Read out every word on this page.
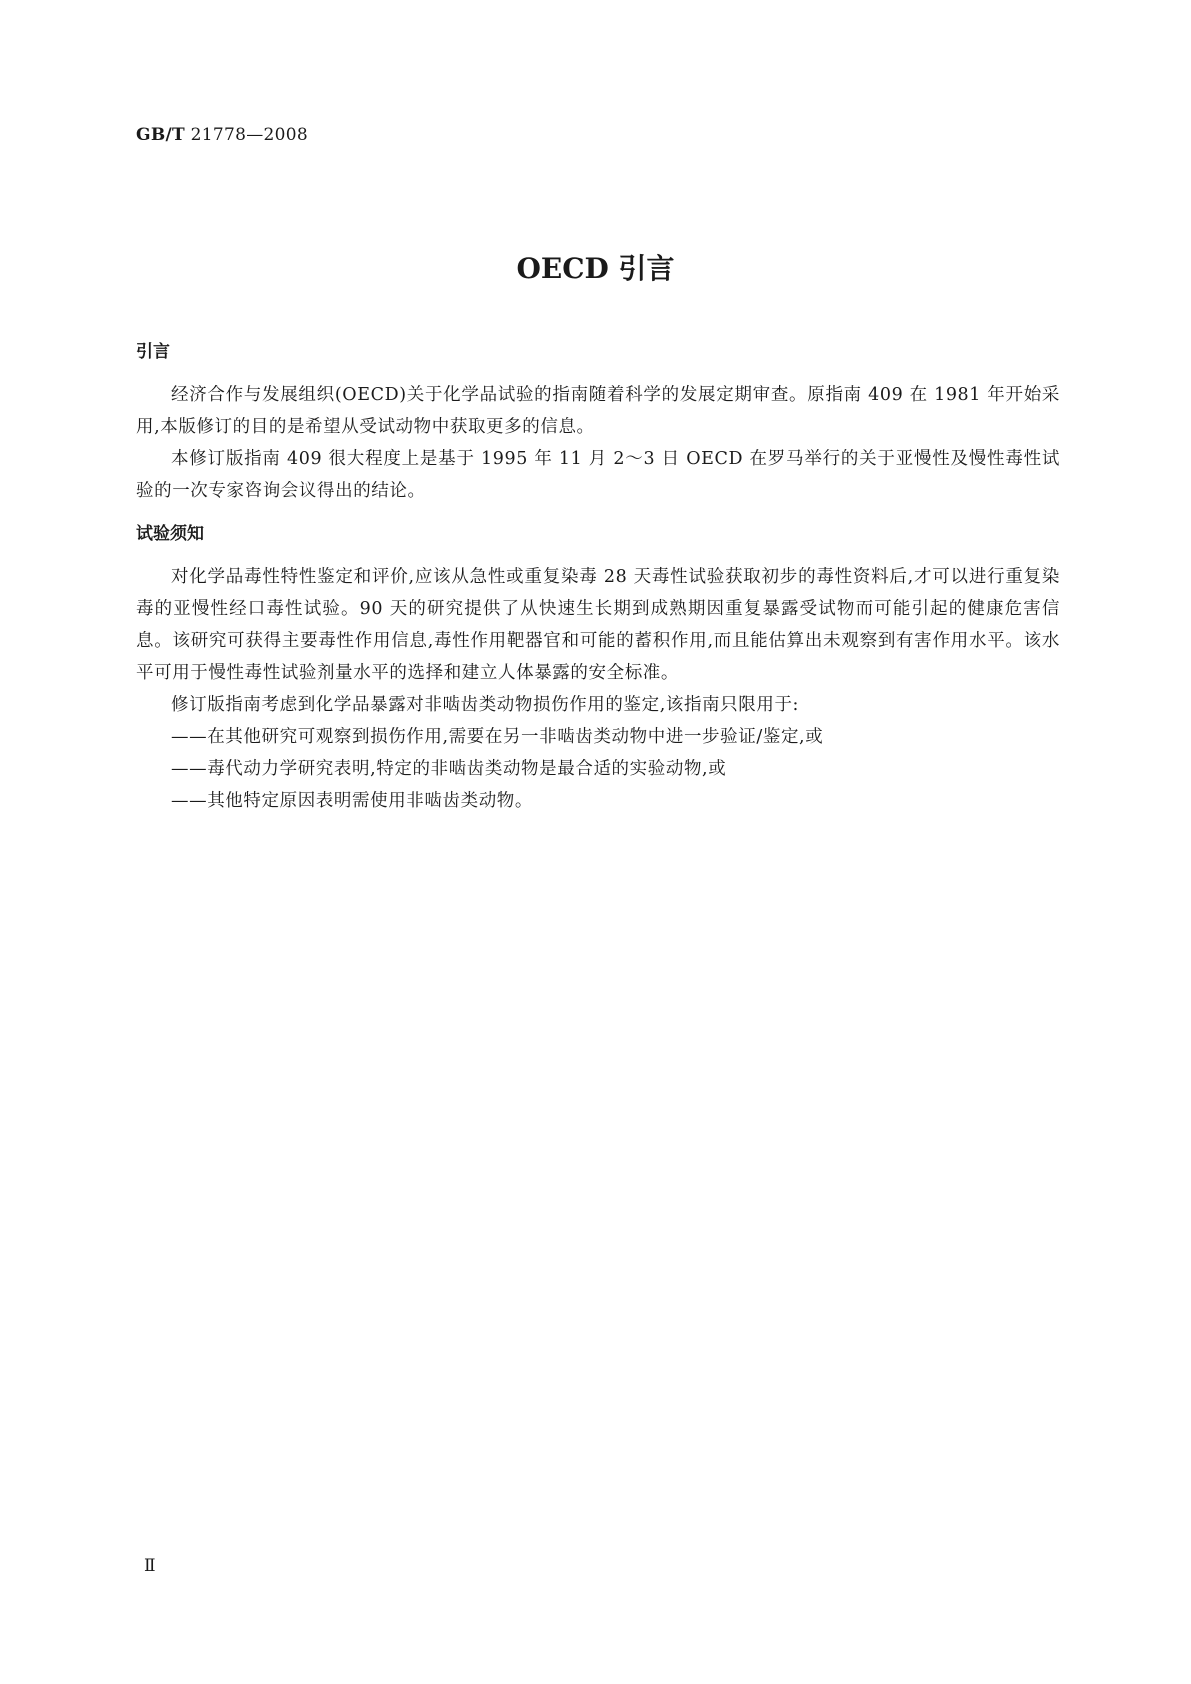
GB/T 21778—2008
OECD 引言
引言

经济合作与发展组织(OECD)关于化学品试验的指南随着科学的发展定期审查。原指南 409 在 1981 年开始采用,本版修订的目的是希望从受试动物中获取更多的信息。

本修订版指南 409 很大程度上是基于 1995 年 11 月 2～3 日 OECD 在罗马举行的关于亚慢性及慢性毒性试验的一次专家咨询会议得出的结论。

试验须知

对化学品毒性特性鉴定和评价,应该从急性或重复染毒 28 天毒性试验获取初步的毒性资料后,才可以进行重复染毒的亚慢性经口毒性试验。90 天的研究提供了从快速生长期到成熟期因重复暴露受试物而可能引起的健康危害信息。该研究可获得主要毒性作用信息,毒性作用靶器官和可能的蓄积作用,而且能估算出未观察到有害作用水平。该水平可用于慢性毒性试验剂量水平的选择和建立人体暴露的安全标准。

修订版指南考虑到化学品暴露对非啮齿类动物损伤作用的鉴定,该指南只限用于:

——在其他研究可观察到损伤作用,需要在另一非啮齿类动物中进一步验证/鉴定,或

——毒代动力学研究表明,特定的非啮齿类动物是最合适的实验动物,或

——其他特定原因表明需使用非啮齿类动物。

Ⅱ
